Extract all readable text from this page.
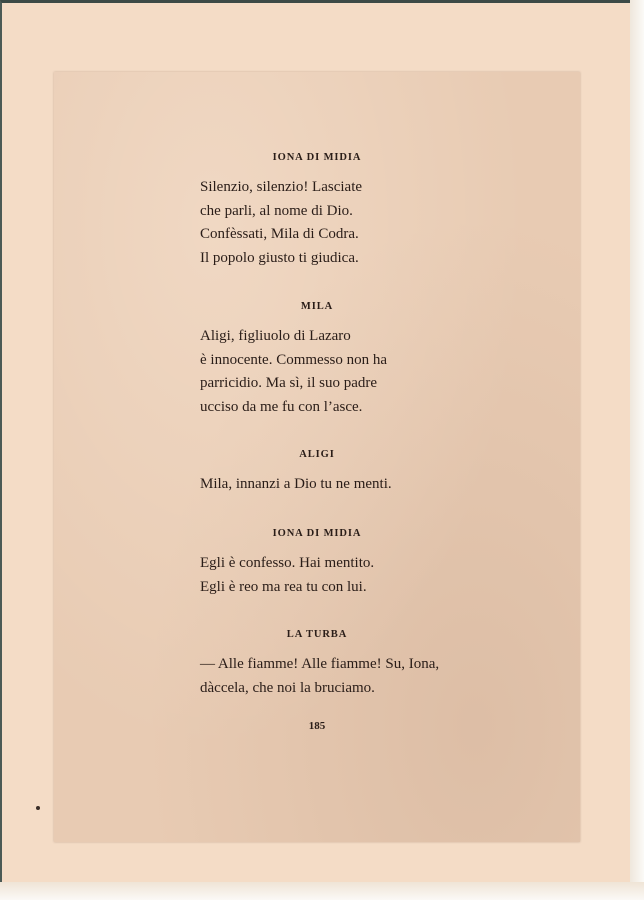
IONA DI MIDIA
Silenzio, silenzio! Lasciate
che parli, al nome di Dio.
Confèssati, Mila di Codra.
Il popolo giusto ti giudica.
MILA
Aligi, figliuolo di Lazaro
è innocente. Commesso non ha
parricidio. Ma sì, il suo padre
ucciso da me fu con l’asce.
ALIGI
Mila, innanzi a Dio tu ne menti.
IONA DI MIDIA
Egli è confesso. Hai mentito.
Egli è reo ma rea tu con lui.
LA TURBA
— Alle fiamme! Alle fiamme! Su, Iona,
dàccela, che noi la bruciamo.
185
